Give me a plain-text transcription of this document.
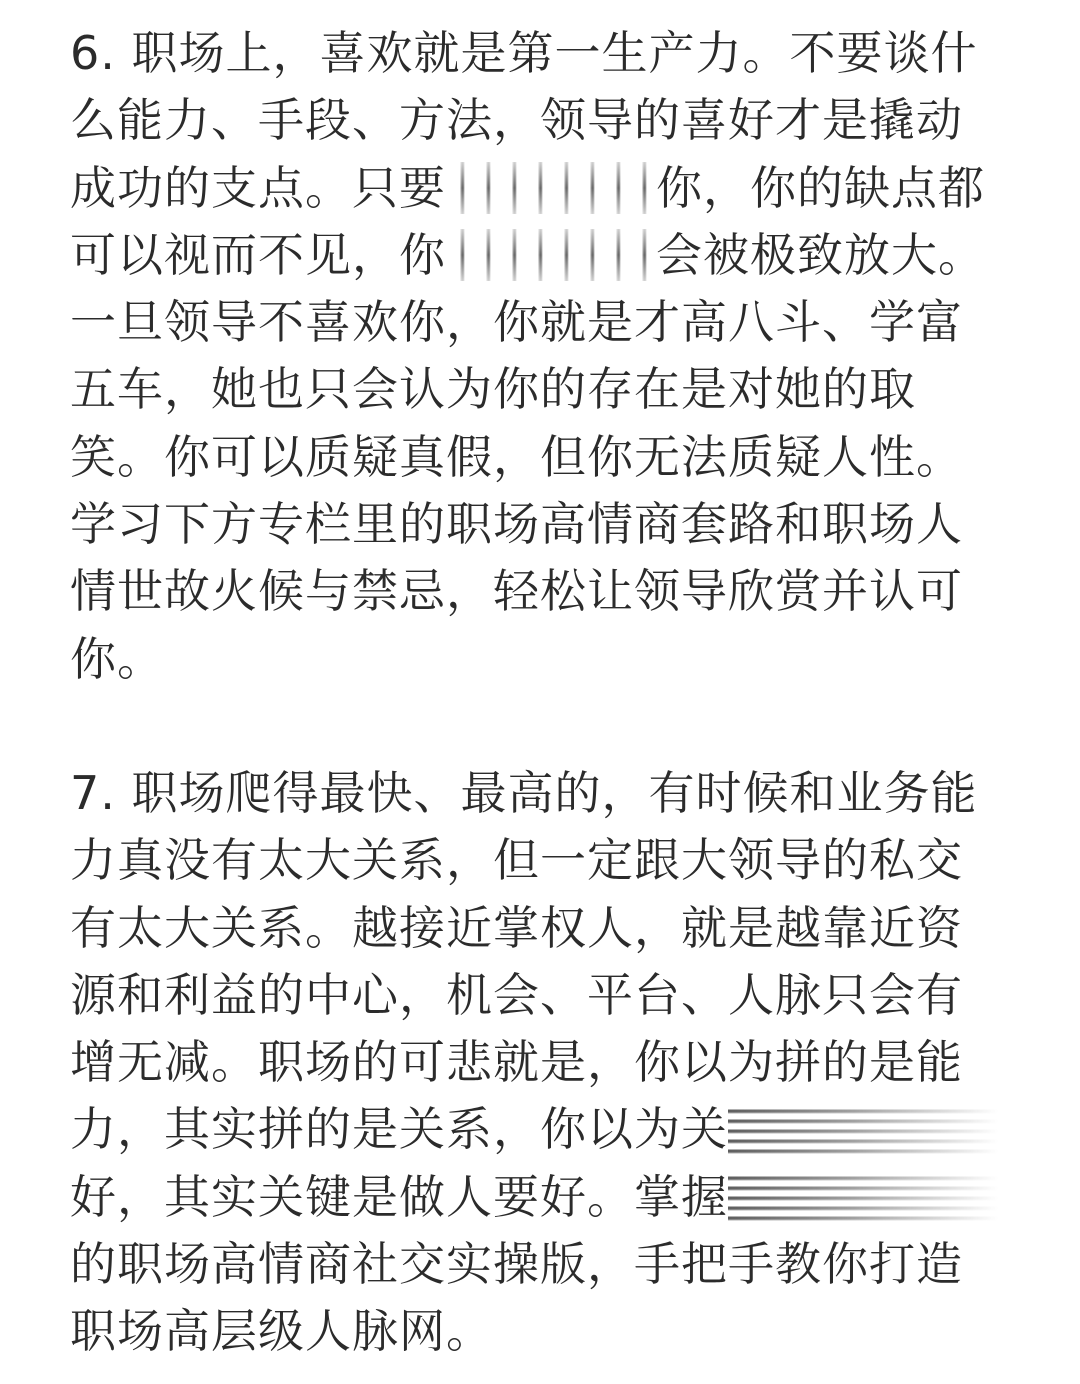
6. 职场上，喜欢就是第一生产力。不要谈什
么能力、手段、方法，领导的喜好才是撬动
成功的支点。只要	你，你的缺点都
可以视而不见，你	会被极致放大。
一旦领导不喜欢你，你就是才高八斗、学富
五车，她也只会认为你的存在是对她的取
笑。你可以质疑真假，但你无法质疑人性。
学习下方专栏里的职场高情商套路和职场人
情世故火候与禁忌，轻松让领导欣赏并认可
你。
7. 职场爬得最快、最高的，有时候和业务能
力真没有太大关系，但一定跟大领导的私交
有太大关系。越接近掌权人，就是越靠近资
源和利益的中心，机会、平台、人脉只会有
增无减。职场的可悲就是，你以为拼的是能
力，其实拼的是关系，你以为关
好，其实关键是做人要好。掌握
的职场高情商社交实操版，手把手教你打造
职场高层级人脉网。
